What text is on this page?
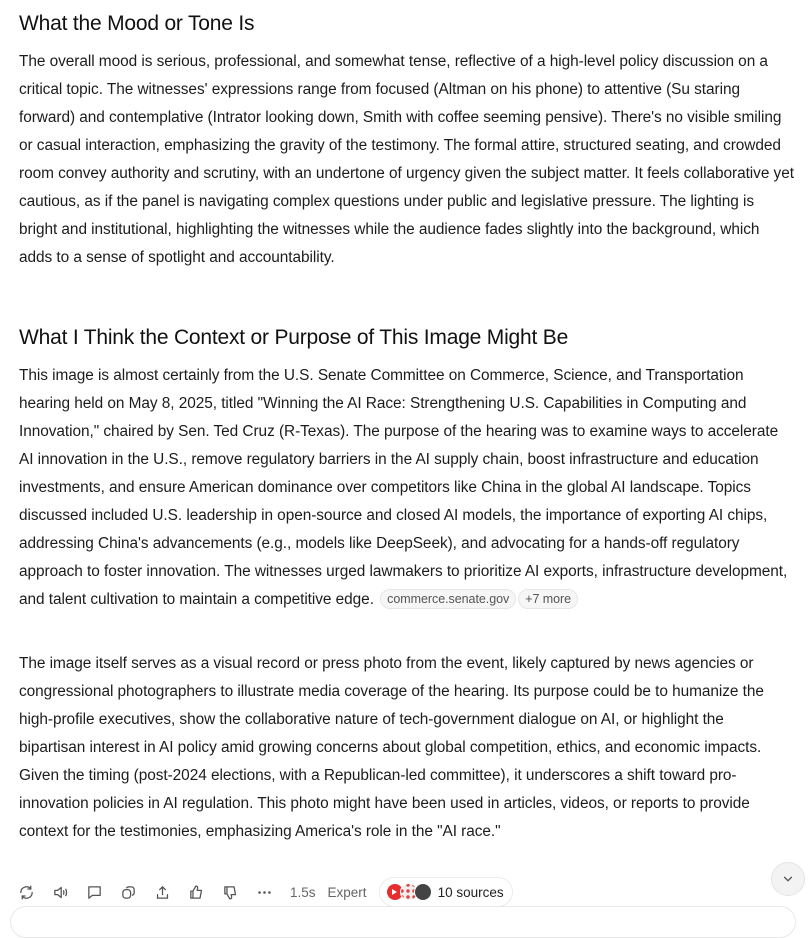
What the Mood or Tone Is

The overall mood is serious, professional, and somewhat tense, reflective of a high-level policy discussion on a critical topic. The witnesses' expressions range from focused (Altman on his phone) to attentive (Su staring forward) and contemplative (Intrator looking down, Smith with coffee seeming pensive). There's no visible smiling or casual interaction, emphasizing the gravity of the testimony. The formal attire, structured seating, and crowded room convey authority and scrutiny, with an undertone of urgency given the subject matter. It feels collaborative yet cautious, as if the panel is navigating complex questions under public and legislative pressure. The lighting is bright and institutional, highlighting the witnesses while the audience fades slightly into the background, which adds to a sense of spotlight and accountability.

What I Think the Context or Purpose of This Image Might Be

This image is almost certainly from the U.S. Senate Committee on Commerce, Science, and Transportation hearing held on May 8, 2025, titled "Winning the AI Race: Strengthening U.S. Capabilities in Computing and Innovation," chaired by Sen. Ted Cruz (R-Texas). The purpose of the hearing was to examine ways to accelerate AI innovation in the U.S., remove regulatory barriers in the AI supply chain, boost infrastructure and education investments, and ensure American dominance over competitors like China in the global AI landscape. Topics discussed included U.S. leadership in open-source and closed AI models, the importance of exporting AI chips, addressing China's advancements (e.g., models like DeepSeek), and advocating for a hands-off regulatory approach to foster innovation. The witnesses urged lawmakers to prioritize AI exports, infrastructure development, and talent cultivation to maintain a competitive edge. commerce.senate.gov +7 more

The image itself serves as a visual record or press photo from the event, likely captured by news agencies or congressional photographers to illustrate media coverage of the hearing. Its purpose could be to humanize the high-profile executives, show the collaborative nature of tech-government dialogue on AI, or highlight the bipartisan interest in AI policy amid growing concerns about global competition, ethics, and economic impacts. Given the timing (post-2024 elections, with a Republican-led committee), it underscores a shift toward pro-innovation policies in AI regulation. This photo might have been used in articles, videos, or reports to provide context for the testimonies, emphasizing America's role in the "AI race."

1.5s Expert	10 sources
